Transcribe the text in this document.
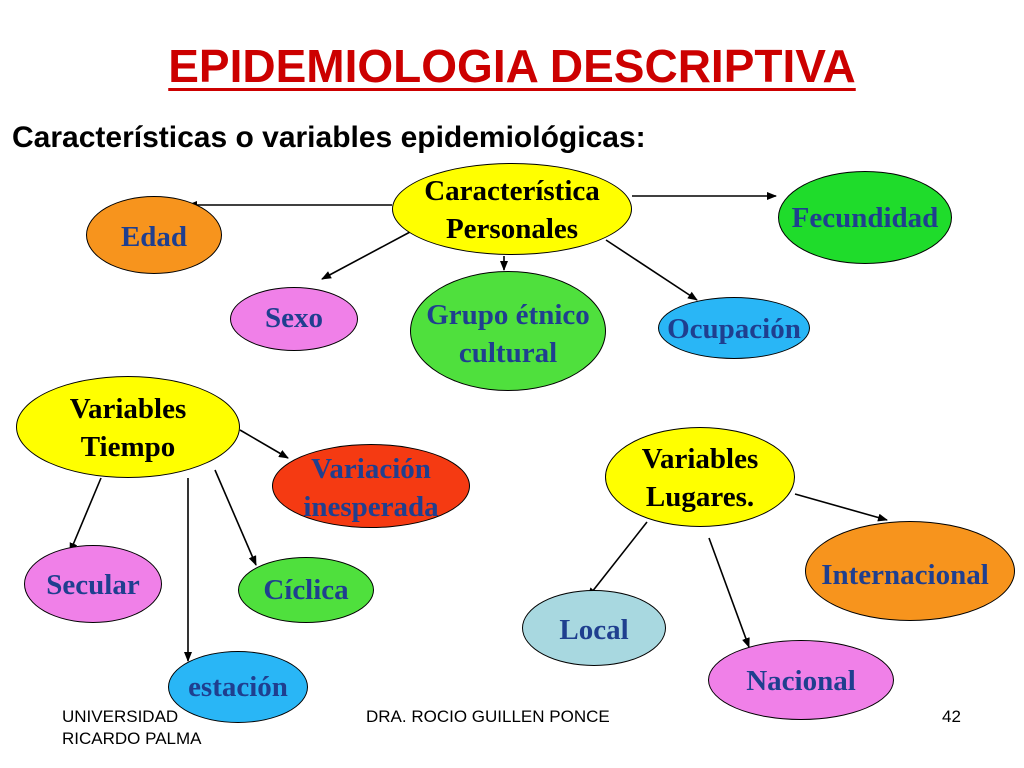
EPIDEMIOLOGIA DESCRIPTIVA
Características o variables epidemiológicas:
Característica
Personales
Edad
Fecundidad
Sexo	Grupo étnico
cultural
Ocupación
Variables
Tiempo
Variación
inesperada
Secular	Cíclica
estación
Variables
Lugares.
Internacional
Local
Nacional
UNIVERSIDAD
RICARDO PALMA
DRA. ROCIO GUILLEN PONCE	42
